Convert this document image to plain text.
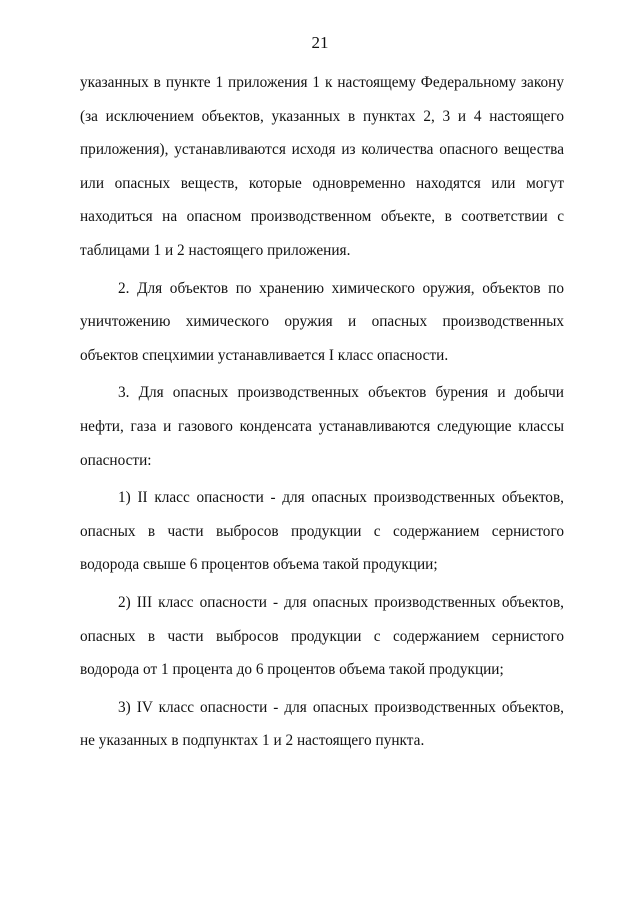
21

указанных в пункте 1 приложения 1 к настоящему Федеральному закону (за исключением объектов, указанных в пунктах 2, 3 и 4 настоящего приложения), устанавливаются исходя из количества опасного вещества или опасных веществ, которые одновременно находятся или могут находиться на опасном производственном объекте, в соответствии с таблицами 1 и 2 настоящего приложения.

2. Для объектов по хранению химического оружия, объектов по уничтожению химического оружия и опасных производственных объектов спецхимии устанавливается I класс опасности.

3. Для опасных производственных объектов бурения и добычи нефти, газа и газового конденсата устанавливаются следующие классы опасности:

1) II класс опасности - для опасных производственных объектов, опасных в части выбросов продукции с содержанием сернистого водорода свыше 6 процентов объема такой продукции;

2) III класс опасности - для опасных производственных объектов, опасных в части выбросов продукции с содержанием сернистого водорода от 1 процента до 6 процентов объема такой продукции;

3) IV класс опасности - для опасных производственных объектов, не указанных в подпунктах 1 и 2 настоящего пункта.
